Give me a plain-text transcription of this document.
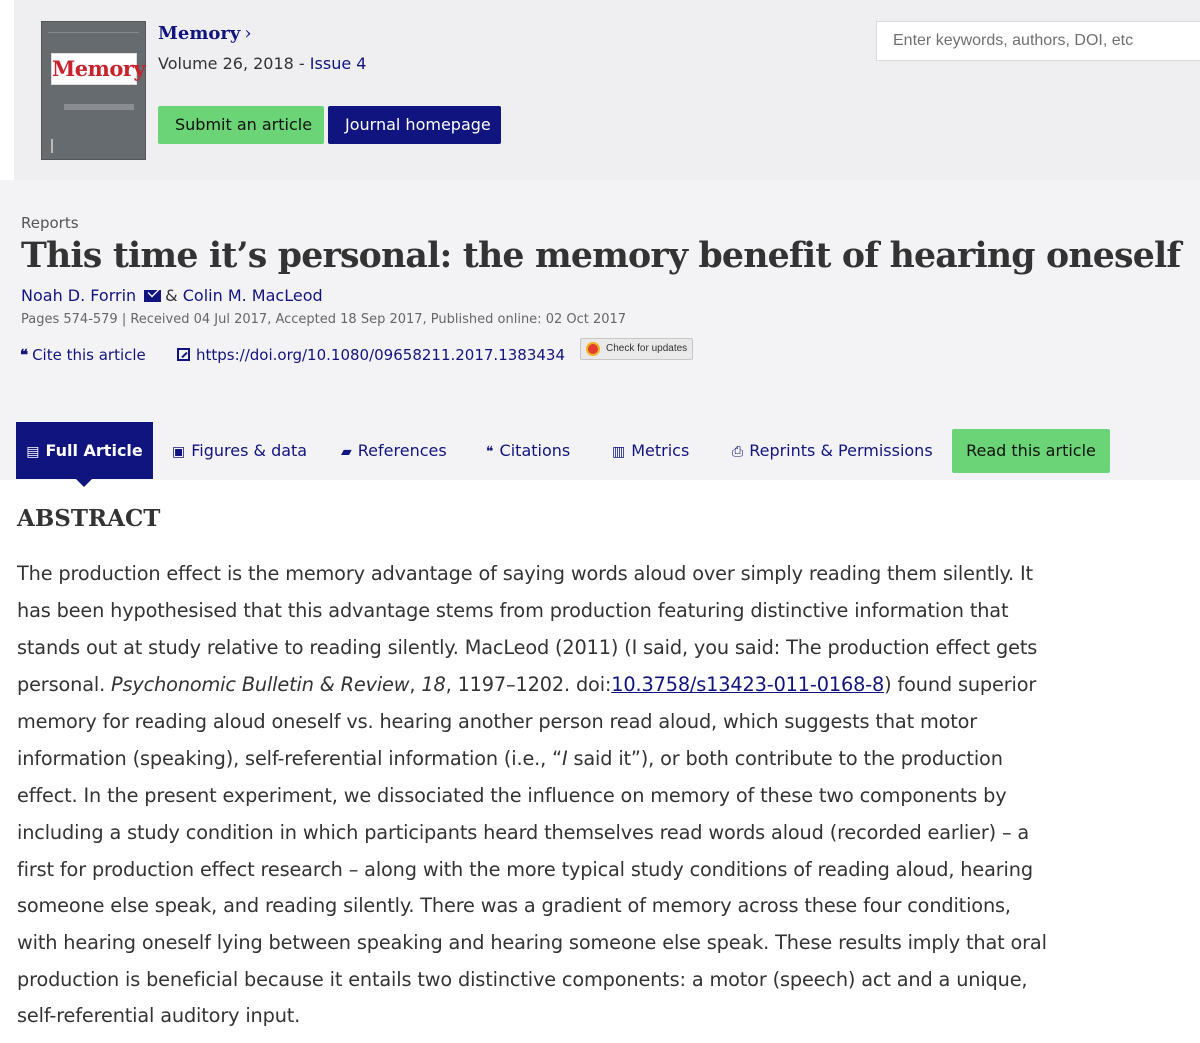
Memory
Memory ›
Volume 26, 2018 - Issue 4
Submit an article	Journal homepage
Enter keywords, authors, DOI, etc
Reports
This time it’s personal: the memory benefit of hearing oneself
Noah D. Forrin & Colin M. MacLeod
Pages 574-579 | Received 04 Jul 2017, Accepted 18 Sep 2017, Published online: 02 Oct 2017
❝ Cite this article	https://doi.org/10.1080/09658211.2017.1383434	Check for updates
▤ Full Article	▣ Figures & data ▰ References	❝ Citations	▥ Metrics	⎙ Reprints & Permissions	Read this article
ABSTRACT
The production effect is the memory advantage of saying words aloud over simply reading them silently. It
has been hypothesised that this advantage stems from production featuring distinctive information that
stands out at study relative to reading silently. MacLeod (2011) (I said, you said: The production effect gets
personal. Psychonomic Bulletin & Review, 18, 1197–1202. doi:10.3758/s13423-011-0168-8) found superior
memory for reading aloud oneself vs. hearing another person read aloud, which suggests that motor
information (speaking), self-referential information (i.e., “I said it”), or both contribute to the production
effect. In the present experiment, we dissociated the influence on memory of these two components by
including a study condition in which participants heard themselves read words aloud (recorded earlier) – a
first for production effect research – along with the more typical study conditions of reading aloud, hearing
someone else speak, and reading silently. There was a gradient of memory across these four conditions,
with hearing oneself lying between speaking and hearing someone else speak. These results imply that oral
production is beneficial because it entails two distinctive components: a motor (speech) act and a unique,
self-referential auditory input.
